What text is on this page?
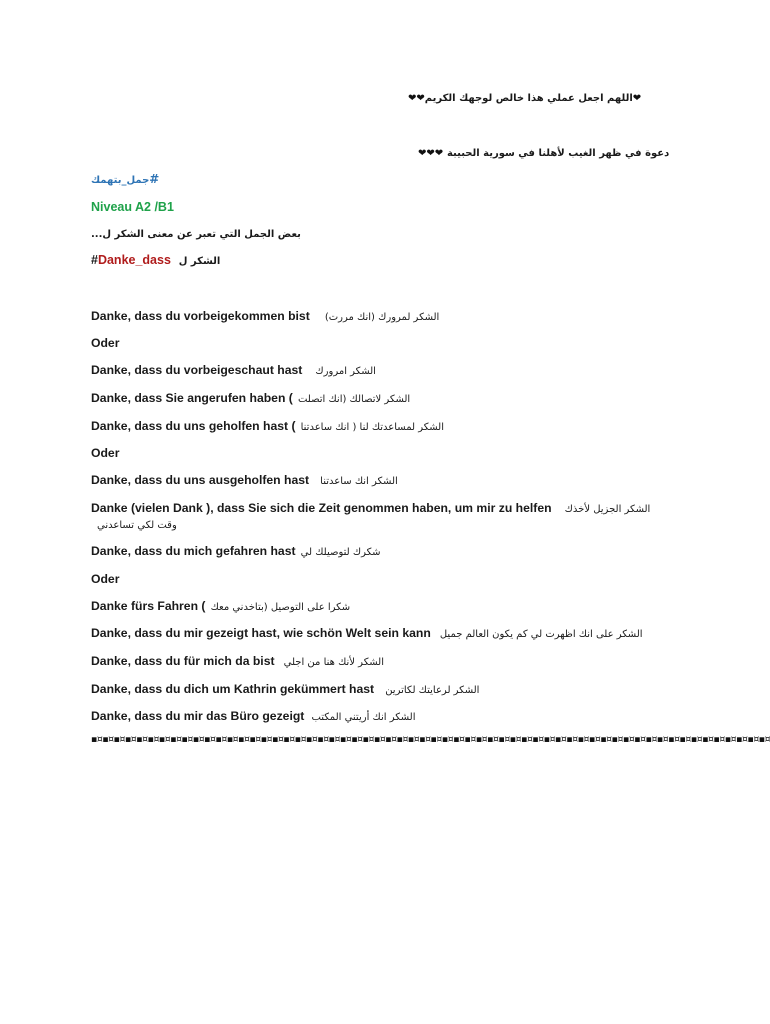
❤❤اللهم اجعل عملي هذا خالص لوجهك الكريم❤
❤❤❤ دعوة في ظهر الغيب لأهلنا في سورية الحبيبة
جمل_بتهمك#
Niveau A2 /B1
بعض الجمل التي تعبر عن معنى الشكر ل...
#Danke_dass الشكر ل
Danke, dass du vorbeigekommen bist الشكر لمرورك (انك مررت)
Oder
Danke, dass du vorbeigeschaut hast الشكر امرورك
Danke, dass Sie angerufen haben ( الشكر لاتصالك (انك اتصلت
Danke, dass du uns geholfen hast ( الشكر لمساعدتك لنا ( انك ساعدتنا
Oder
Danke, dass du uns ausgeholfen hast الشكر انك ساعدتنا
Danke (vielen Dank ), dass Sie sich die Zeit genommen haben, um mir zu helfen الشكر الجزيل لأخذك
وقت لكي تساعدني
Danke, dass du mich gefahren hast شكرك لتوصيلك لي
Oder
Danke fürs Fahren ( شكرا على التوصيل (بتاخدني معك
Danke, dass du mir gezeigt hast, wie schön Welt sein kann الشكر على انك اظهرت لي كم يكون العالم جميل
Danke, dass du für mich da bist الشكر لأنك هنا من اجلي
Danke, dass du dich um Kathrin gekümmert hast الشكر لرعايتك لكاترين
Danke, dass du mir das Büro gezeigt الشكر انك أريتني المكتب
▪¤▪¤▪¤▪¤▪¤▪¤▪¤▪¤▪¤▪¤▪¤▪¤▪¤▪¤▪¤▪¤▪¤▪¤▪¤▪¤▪¤▪¤▪¤▪¤▪¤▪¤▪¤▪¤▪¤▪¤▪¤▪¤▪¤▪¤▪¤▪¤▪¤▪¤▪¤▪¤▪¤▪¤▪¤▪¤▪¤▪¤▪¤▪¤▪¤▪¤▪¤▪¤▪¤▪¤▪¤▪¤▪¤▪¤▪¤▪¤
